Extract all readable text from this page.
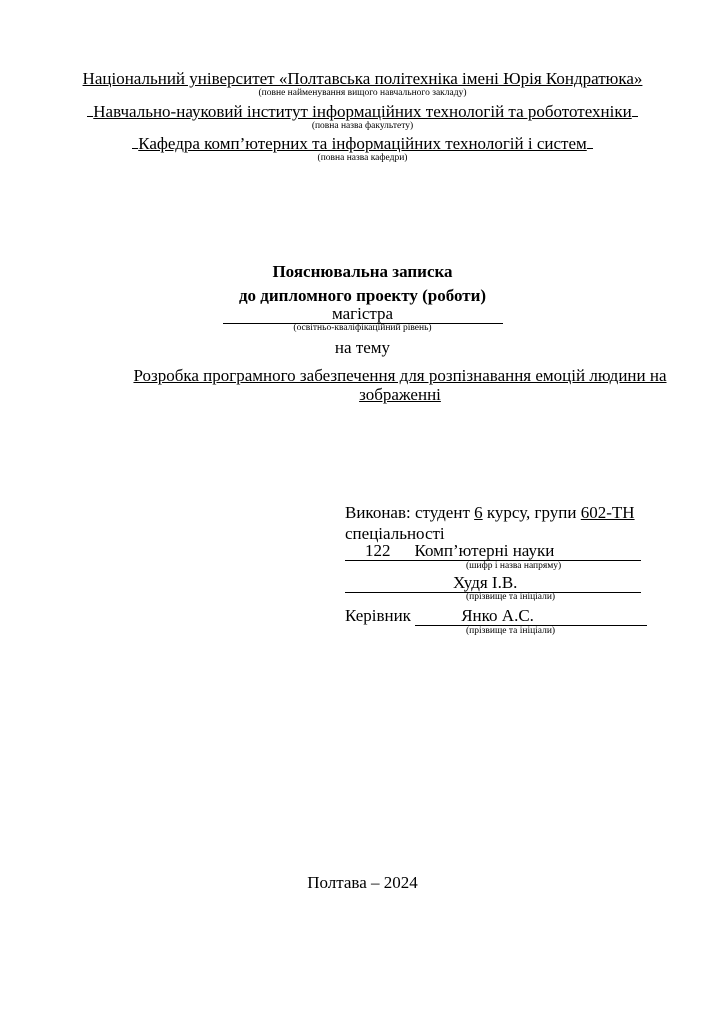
Національний університет «Полтавська політехніка імені Юрія Кондратюка»
(повне найменування вищого навчального закладу)
Навчально-науковий інститут інформаційних технологій та робототехніки
(повна назва факультету)
Кафедра комп’ютерних та інформаційних технологій і систем
(повна назва кафедри)
Пояснювальна записка
до дипломного проекту (роботи)
магістра
(освітньо-кваліфікаційний рівень)
на тему
Розробка програмного забезпечення для розпізнавання емоцій людини на зображенні
Виконав: студент 6 курсу, групи 602-ТН
спеціальності
122 Комп’ютерні науки
(шифр і назва напряму)
Худя І.В.
(прізвище та ініціали)
Керівник	Янко А.С.
(прізвище та ініціали)
Полтава – 2024
